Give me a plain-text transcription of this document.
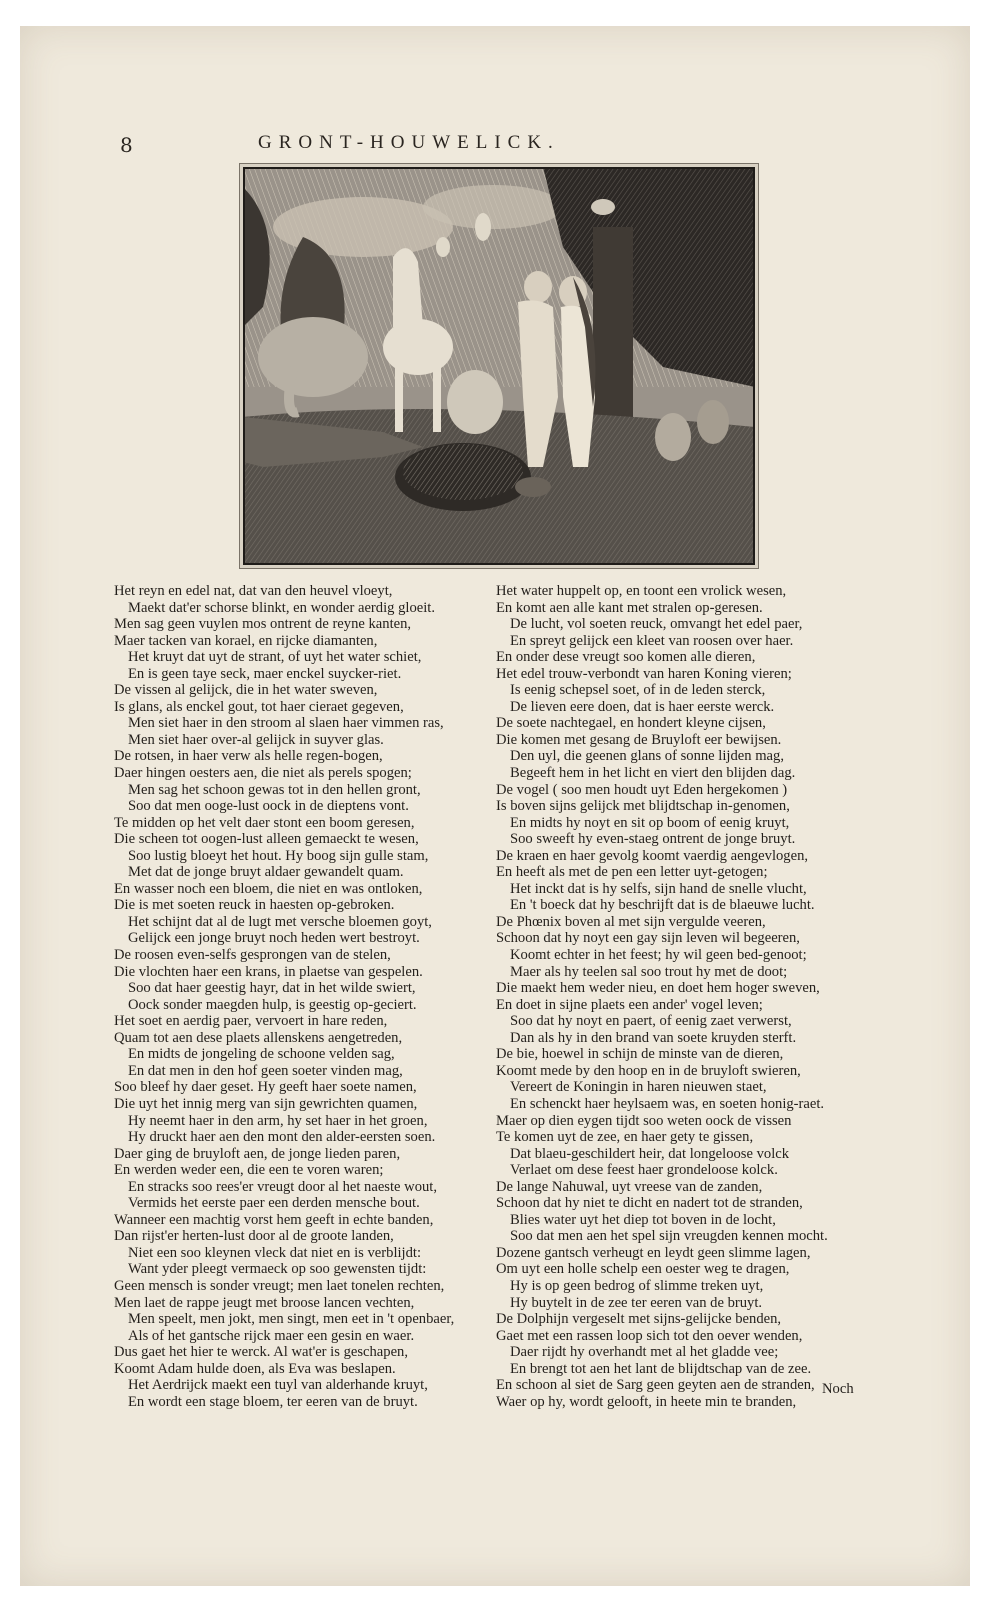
8	GRONT-HOUWELICK.
Het reyn en edel nat, dat van den heuvel vloeyt,
Maekt dat'er schorse blinkt, en wonder aerdig gloeit.
Men sag geen vuylen mos ontrent de reyne kanten,
Maer tacken van korael, en rijcke diamanten,
Het kruyt dat uyt de strant, of uyt het water schiet,
En is geen taye seck, maer enckel suycker-riet.
De vissen al gelijck, die in het water sweven,
Is glans, als enckel gout, tot haer cieraet gegeven,
Men siet haer in den stroom al slaen haer vimmen ras,
Men siet haer over-al gelijck in suyver glas.
De rotsen, in haer verw als helle regen-bogen,
Daer hingen oesters aen, die niet als perels spogen;
Men sag het schoon gewas tot in den hellen gront,
Soo dat men ooge-lust oock in de dieptens vont.
Te midden op het velt daer stont een boom geresen,
Die scheen tot oogen-lust alleen gemaeckt te wesen,
Soo lustig bloeyt het hout. Hy boog sijn gulle stam,
Met dat de jonge bruyt aldaer gewandelt quam.
En wasser noch een bloem, die niet en was ontloken,
Die is met soeten reuck in haesten op-gebroken.
Het schijnt dat al de lugt met versche bloemen goyt,
Gelijck een jonge bruyt noch heden wert bestroyt.
De roosen even-selfs gesprongen van de stelen,
Die vlochten haer een krans, in plaetse van gespelen.
Soo dat haer geestig hayr, dat in het wilde swiert,
Oock sonder maegden hulp, is geestig op-geciert.
Het soet en aerdig paer, vervoert in hare reden,
Quam tot aen dese plaets allenskens aengetreden,
En midts de jongeling de schoone velden sag,
En dat men in den hof geen soeter vinden mag,
Soo bleef hy daer geset. Hy geeft haer soete namen,
Die uyt het innig merg van sijn gewrichten quamen,
Hy neemt haer in den arm, hy set haer in het groen,
Hy druckt haer aen den mont den alder-eersten soen.
Daer ging de bruyloft aen, de jonge lieden paren,
En werden weder een, die een te voren waren;
En stracks soo rees'er vreugt door al het naeste wout,
Vermids het eerste paer een derden mensche bout.
Wanneer een machtig vorst hem geeft in echte banden,
Dan rijst'er herten-lust door al de groote landen,
Niet een soo kleynen vleck dat niet en is verblijdt:
Want yder pleegt vermaeck op soo gewensten tijdt:
Geen mensch is sonder vreugt; men laet tonelen rechten,
Men laet de rappe jeugt met broose lancen vechten,
Men speelt, men jokt, men singt, men eet in 't openbaer,
Als of het gantsche rijck maer een gesin en waer.
Dus gaet het hier te werck. Al wat'er is geschapen,
Koomt Adam hulde doen, als Eva was beslapen.
Het Aerdrijck maekt een tuyl van alderhande kruyt,
En wordt een stage bloem, ter eeren van de bruyt.
Het water huppelt op, en toont een vrolick wesen,
En komt aen alle kant met stralen op-geresen.
De lucht, vol soeten reuck, omvangt het edel paer,
En spreyt gelijck een kleet van roosen over haer.
En onder dese vreugt soo komen alle dieren,
Het edel trouw-verbondt van haren Koning vieren;
Is eenig schepsel soet, of in de leden sterck,
De lieven eere doen, dat is haer eerste werck.
De soete nachtegael, en hondert kleyne cijsen,
Die komen met gesang de Bruyloft eer bewijsen.
Den uyl, die geenen glans of sonne lijden mag,
Begeeft hem in het licht en viert den blijden dag.
De vogel ( soo men houdt uyt Eden hergekomen )
Is boven sijns gelijck met blijdtschap in-genomen,
En midts hy noyt en sit op boom of eenig kruyt,
Soo sweeft hy even-staeg ontrent de jonge bruyt.
De kraen en haer gevolg koomt vaerdig aengevlogen,
En heeft als met de pen een letter uyt-getogen;
Het inckt dat is hy selfs, sijn hand de snelle vlucht,
En 't boeck dat hy beschrijft dat is de blaeuwe lucht.
De Phœnix boven al met sijn vergulde veeren,
Schoon dat hy noyt een gay sijn leven wil begeeren,
Koomt echter in het feest; hy wil geen bed-genoot;
Maer als hy teelen sal soo trout hy met de doot;
Die maekt hem weder nieu, en doet hem hoger sweven,
En doet in sijne plaets een ander' vogel leven;
Soo dat hy noyt en paert, of eenig zaet verwerst,
Dan als hy in den brand van soete kruyden sterft.
De bie, hoewel in schijn de minste van de dieren,
Koomt mede by den hoop en in de bruyloft swieren,
Vereert de Koningin in haren nieuwen staet,
En schenckt haer heylsaem was, en soeten honig-raet.
Maer op dien eygen tijdt soo weten oock de vissen
Te komen uyt de zee, en haer gety te gissen,
Dat blaeu-geschildert heir, dat longeloose volck
Verlaet om dese feest haer grondeloose kolck.
De lange Nahuwal, uyt vreese van de zanden,
Schoon dat hy niet te dicht en nadert tot de stranden,
Blies water uyt het diep tot boven in de locht,
Soo dat men aen het spel sijn vreugden kennen mocht.
Dozene gantsch verheugt en leydt geen slimme lagen,
Om uyt een holle schelp een oester weg te dragen,
Hy is op geen bedrog of slimme treken uyt,
Hy buytelt in de zee ter eeren van de bruyt.
De Dolphijn vergeselt met sijns-gelijcke benden,
Gaet met een rassen loop sich tot den oever wenden,
Daer rijdt hy overhandt met al het gladde vee;
En brengt tot aen het lant de blijdtschap van de zee.
En schoon al siet de Sarg geen geyten aen de stranden,
Waer op hy, wordt gelooft, in heete min te branden,
Noch
